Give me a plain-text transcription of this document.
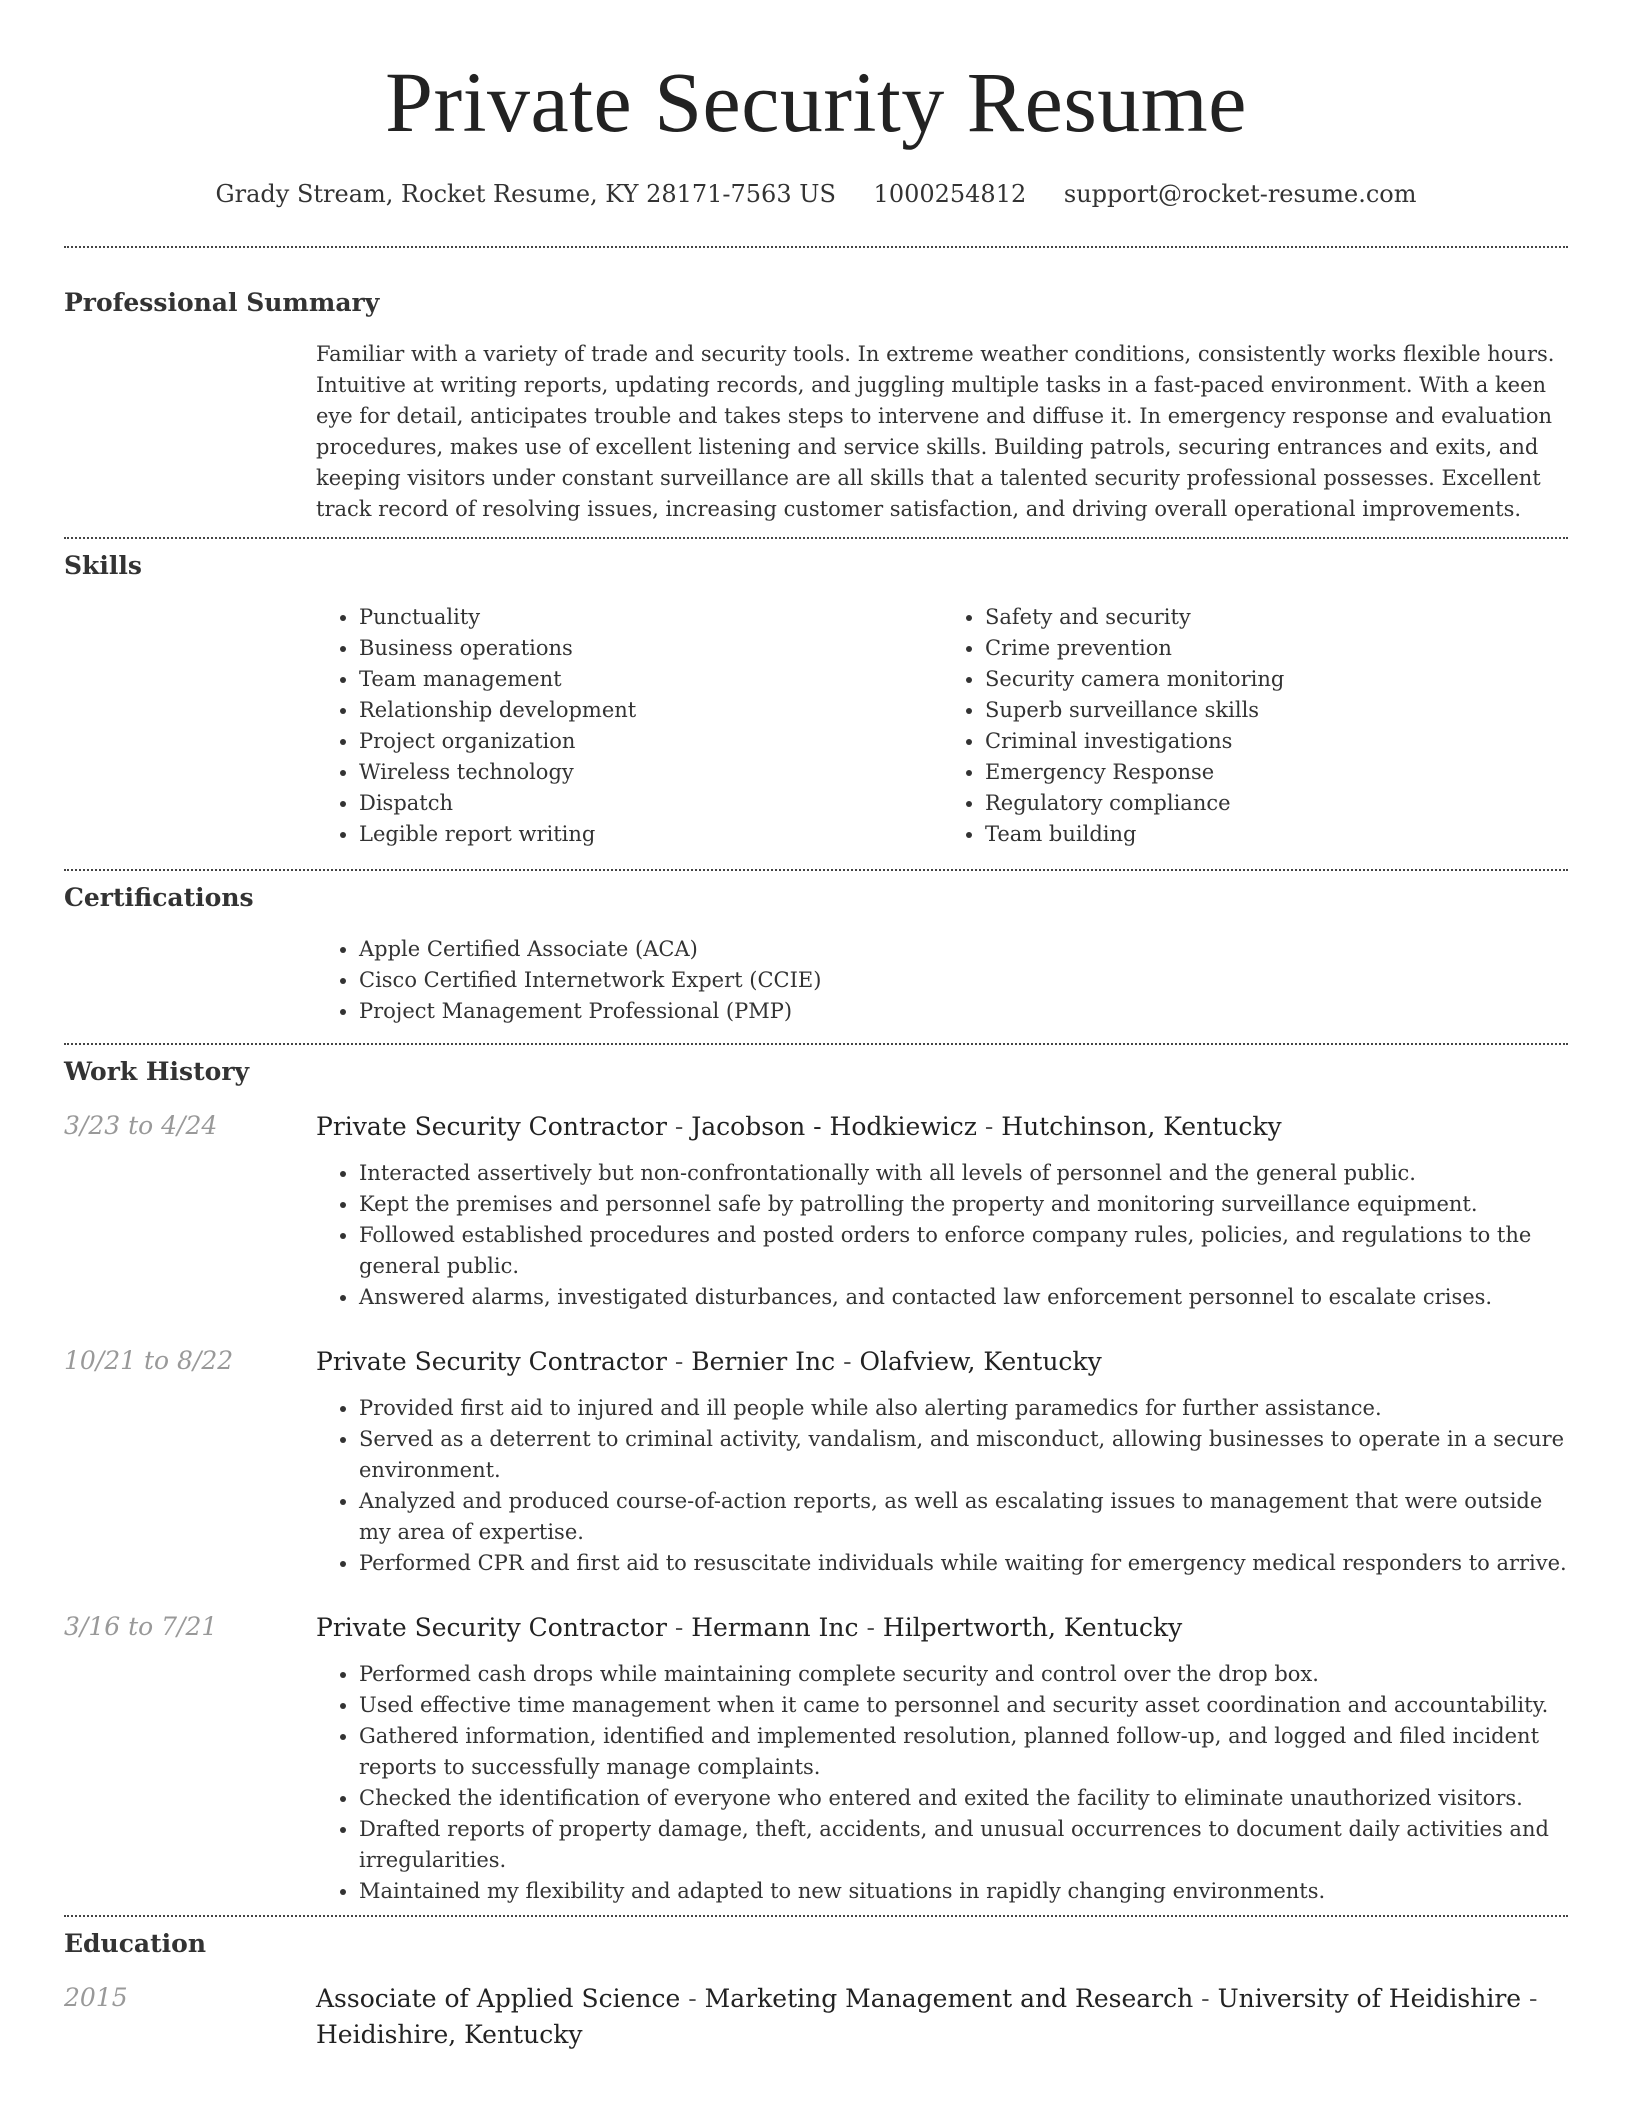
Private Security Resume
Grady Stream, Rocket Resume, KY 28171-7563 US 1000254812 support@rocket-resume.com
Professional Summary
Familiar with a variety of trade and security tools. In extreme weather conditions, consistently works flexible hours. Intuitive at writing reports, updating records, and juggling multiple tasks in a fast-paced environment. With a keen eye for detail, anticipates trouble and takes steps to intervene and diffuse it. In emergency response and evaluation procedures, makes use of excellent listening and service skills. Building patrols, securing entrances and exits, and keeping visitors under constant surveillance are all skills that a talented security professional possesses. Excellent track record of resolving issues, increasing customer satisfaction, and driving overall operational improvements.
Skills
• Punctuality
• Business operations
• Team management
• Relationship development
• Project organization
• Wireless technology
• Dispatch
• Legible report writing
• Safety and security
• Crime prevention
• Security camera monitoring
• Superb surveillance skills
• Criminal investigations
• Emergency Response
• Regulatory compliance
• Team building
Certifications
• Apple Certified Associate (ACA)
• Cisco Certified Internetwork Expert (CCIE)
• Project Management Professional (PMP)
Work History
3/23 to 4/24	Private Security Contractor - Jacobson - Hodkiewicz - Hutchinson, Kentucky
• Interacted assertively but non-confrontationally with all levels of personnel and the general public.
• Kept the premises and personnel safe by patrolling the property and monitoring surveillance equipment.
• Followed established procedures and posted orders to enforce company rules, policies, and regulations to the general public.
• Answered alarms, investigated disturbances, and contacted law enforcement personnel to escalate crises.
10/21 to 8/22	Private Security Contractor - Bernier Inc - Olafview, Kentucky
• Provided first aid to injured and ill people while also alerting paramedics for further assistance.
• Served as a deterrent to criminal activity, vandalism, and misconduct, allowing businesses to operate in a secure environment.
• Analyzed and produced course-of-action reports, as well as escalating issues to management that were outside my area of expertise.
• Performed CPR and first aid to resuscitate individuals while waiting for emergency medical responders to arrive.
3/16 to 7/21	Private Security Contractor - Hermann Inc - Hilpertworth, Kentucky
• Performed cash drops while maintaining complete security and control over the drop box.
• Used effective time management when it came to personnel and security asset coordination and accountability.
• Gathered information, identified and implemented resolution, planned follow-up, and logged and filed incident reports to successfully manage complaints.
• Checked the identification of everyone who entered and exited the facility to eliminate unauthorized visitors.
• Drafted reports of property damage, theft, accidents, and unusual occurrences to document daily activities and irregularities.
• Maintained my flexibility and adapted to new situations in rapidly changing environments.
Education
2015	Associate of Applied Science - Marketing Management and Research - University of Heidishire - Heidishire, Kentucky
